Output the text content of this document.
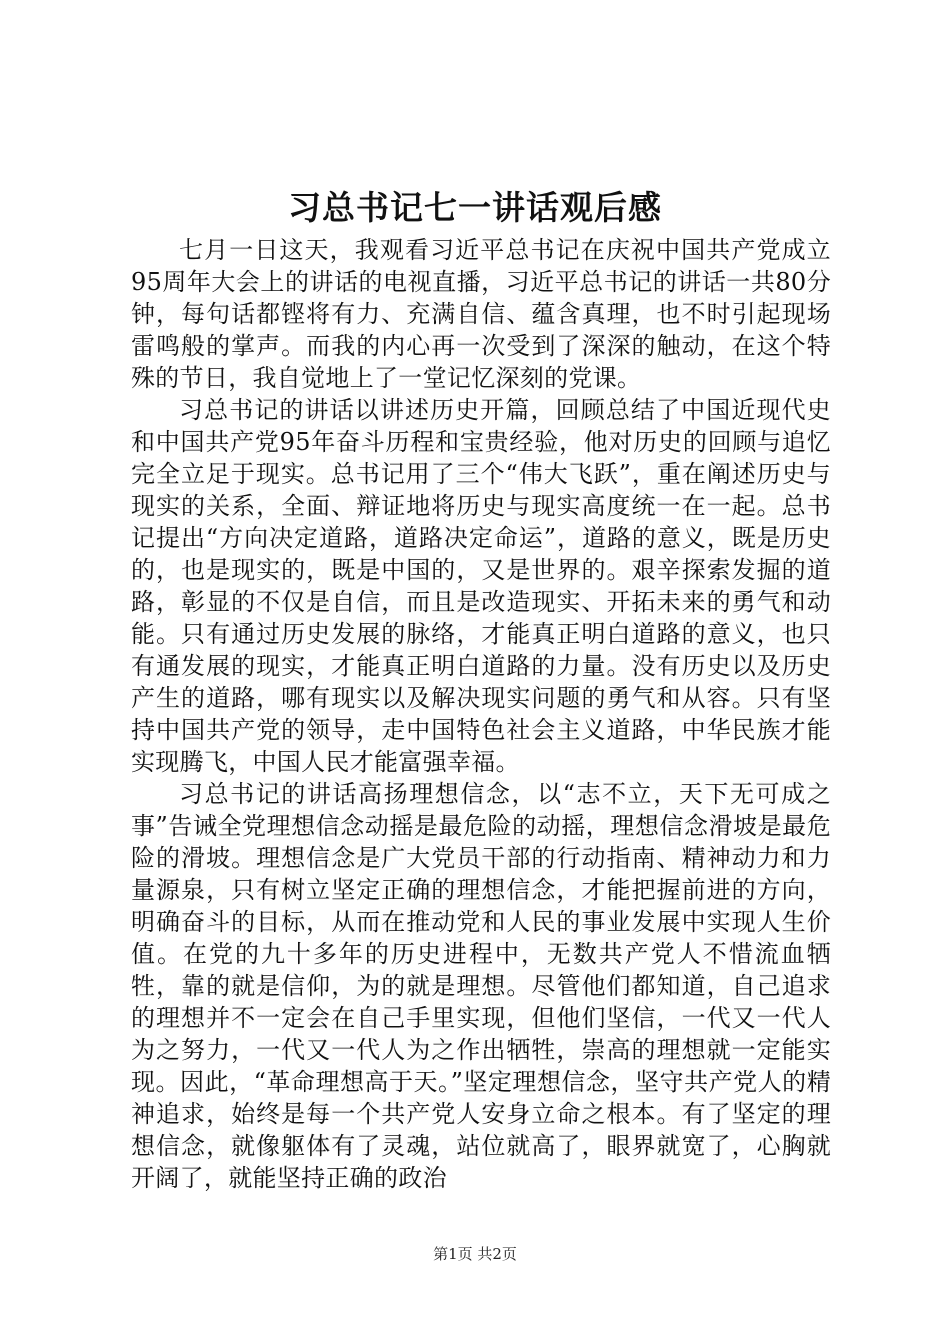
习总书记七一讲话观后感

七月一日这天，我观看习近平总书记在庆祝中国共产党成立95周年大会上的讲话的电视直播，习近平总书记的讲话一共80分钟，每句话都铿将有力、充满自信、蕴含真理，也不时引起现场雷鸣般的掌声。而我的内心再一次受到了深深的触动，在这个特殊的节日，我自觉地上了一堂记忆深刻的党课。

习总书记的讲话以讲述历史开篇，回顾总结了中国近现代史和中国共产党95年奋斗历程和宝贵经验，他对历史的回顾与追忆完全立足于现实。总书记用了三个“伟大飞跃”，重在阐述历史与现实的关系，全面、辩证地将历史与现实高度统一在一起。总书记提出“方向决定道路，道路决定命运”，道路的意义，既是历史的，也是现实的，既是中国的，又是世界的。艰辛探索发掘的道路，彰显的不仅是自信，而且是改造现实、开拓未来的勇气和动能。只有通过历史发展的脉络，才能真正明白道路的意义，也只有通发展的现实，才能真正明白道路的力量。没有历史以及历史产生的道路，哪有现实以及解决现实问题的勇气和从容。只有坚持中国共产党的领导，走中国特色社会主义道路，中华民族才能实现腾飞，中国人民才能富强幸福。

习总书记的讲话高扬理想信念，以“志不立，天下无可成之事”告诫全党理想信念动摇是最危险的动摇，理想信念滑坡是最危险的滑坡。理想信念是广大党员干部的行动指南、精神动力和力量源泉，只有树立坚定正确的理想信念，才能把握前进的方向，明确奋斗的目标，从而在推动党和人民的事业发展中实现人生价值。在党的九十多年的历史进程中，无数共产党人不惜流血牺牲，靠的就是信仰，为的就是理想。尽管他们都知道，自己追求的理想并不一定会在自己手里实现，但他们坚信，一代又一代人为之努力，一代又一代人为之作出牺牲，崇高的理想就一定能实现。因此，“革命理想高于天。”坚定理想信念，坚守共产党人的精神追求，始终是每一个共产党人安身立命之根本。有了坚定的理想信念，就像躯体有了灵魂，站位就高了，眼界就宽了，心胸就开阔了，就能坚持正确的政治

第1页 共2页
